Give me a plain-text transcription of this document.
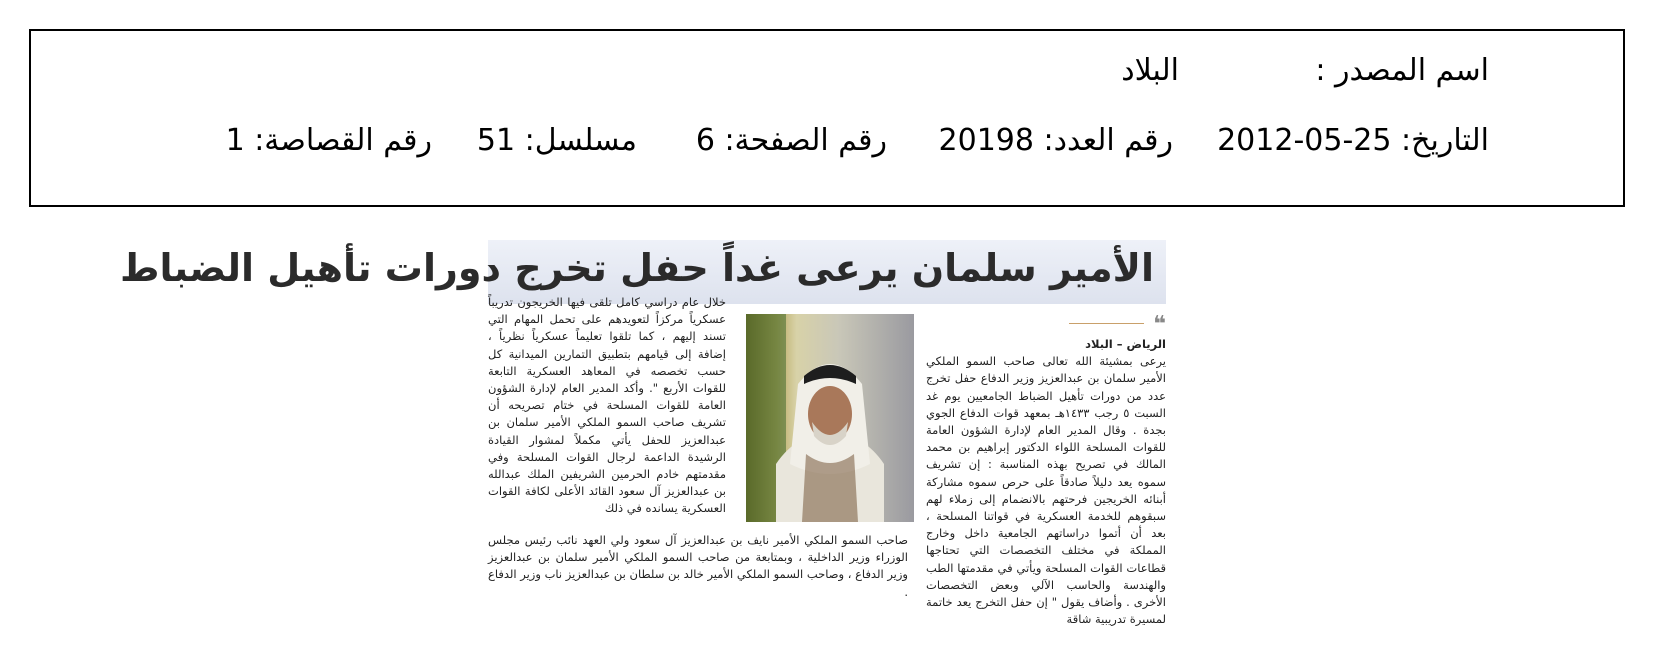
اسم المصدر :
البلاد
التاريخ: 25-05-2012
رقم العدد: 20198
رقم الصفحة: 6
مسلسل: 51
رقم القصاصة: 1
الأمير سلمان يرعى غداً حفل تخرج دورات تأهيل الضباط
❝

الرياض – البلاد

يرعى بمشيئة الله تعالى صاحب السمو الملكي الأمير سلمان بن عبدالعزيز وزير الدفاع حفل تخرج عدد من دورات تأهيل الضباط الجامعيين يوم غد السبت ٥ رجب ١٤٣٣هـ بمعهد قوات الدفاع الجوي بجدة . وقال المدير العام لإدارة الشؤون العامة للقوات المسلحة اللواء الدكتور إبراهيم بن محمد المالك في تصريح بهذه المناسبة : إن تشريف سموه يعد دليلاً صادقاً على حرص سموه مشاركة أبنائه الخريجين فرحتهم بالانضمام إلى زملاء لهم سبقوهم للخدمة العسكرية في قواتنا المسلحة ، بعد أن أتموا دراساتهم الجامعية داخل وخارج المملكة في مختلف التخصصات التي تحتاجها قطاعات القوات المسلحة ويأتي في مقدمتها الطب والهندسة والحاسب الآلي وبعض التخصصات الأخرى . وأضاف يقول " إن حفل التخرج يعد خاتمة لمسيرة تدريبية شاقة

خلال عام دراسي كامل تلقى فيها الخريجون تدريباً عسكرياً مركزاً لتعويدهم على تحمل المهام التي تسند إليهم ، كما تلقوا تعليماً عسكرياً نظرياً ، إضافة إلى قيامهم بتطبيق التمارين الميدانية كل حسب تخصصه في المعاهد العسكرية التابعة للقوات الأربع ". وأكد المدير العام لإدارة الشؤون العامة للقوات المسلحة في ختام تصريحه أن تشريف صاحب السمو الملكي الأمير سلمان بن عبدالعزيز للحفل يأتي مكملاً لمشوار القيادة الرشيدة الداعمة لرجال القوات المسلحة وفي مقدمتهم خادم الحرمين الشريفين الملك عبدالله بن عبدالعزيز آل سعود القائد الأعلى لكافة القوات العسكرية يسانده في ذلك

صاحب السمو الملكي الأمير نايف بن عبدالعزيز آل سعود ولي العهد نائب رئيس مجلس الوزراء وزير الداخلية ، وبمتابعة من صاحب السمو الملكي الأمير سلمان بن عبدالعزيز وزير الدفاع ، وصاحب السمو الملكي الأمير خالد بن سلطان بن عبدالعزيز ناب وزير الدفاع .
